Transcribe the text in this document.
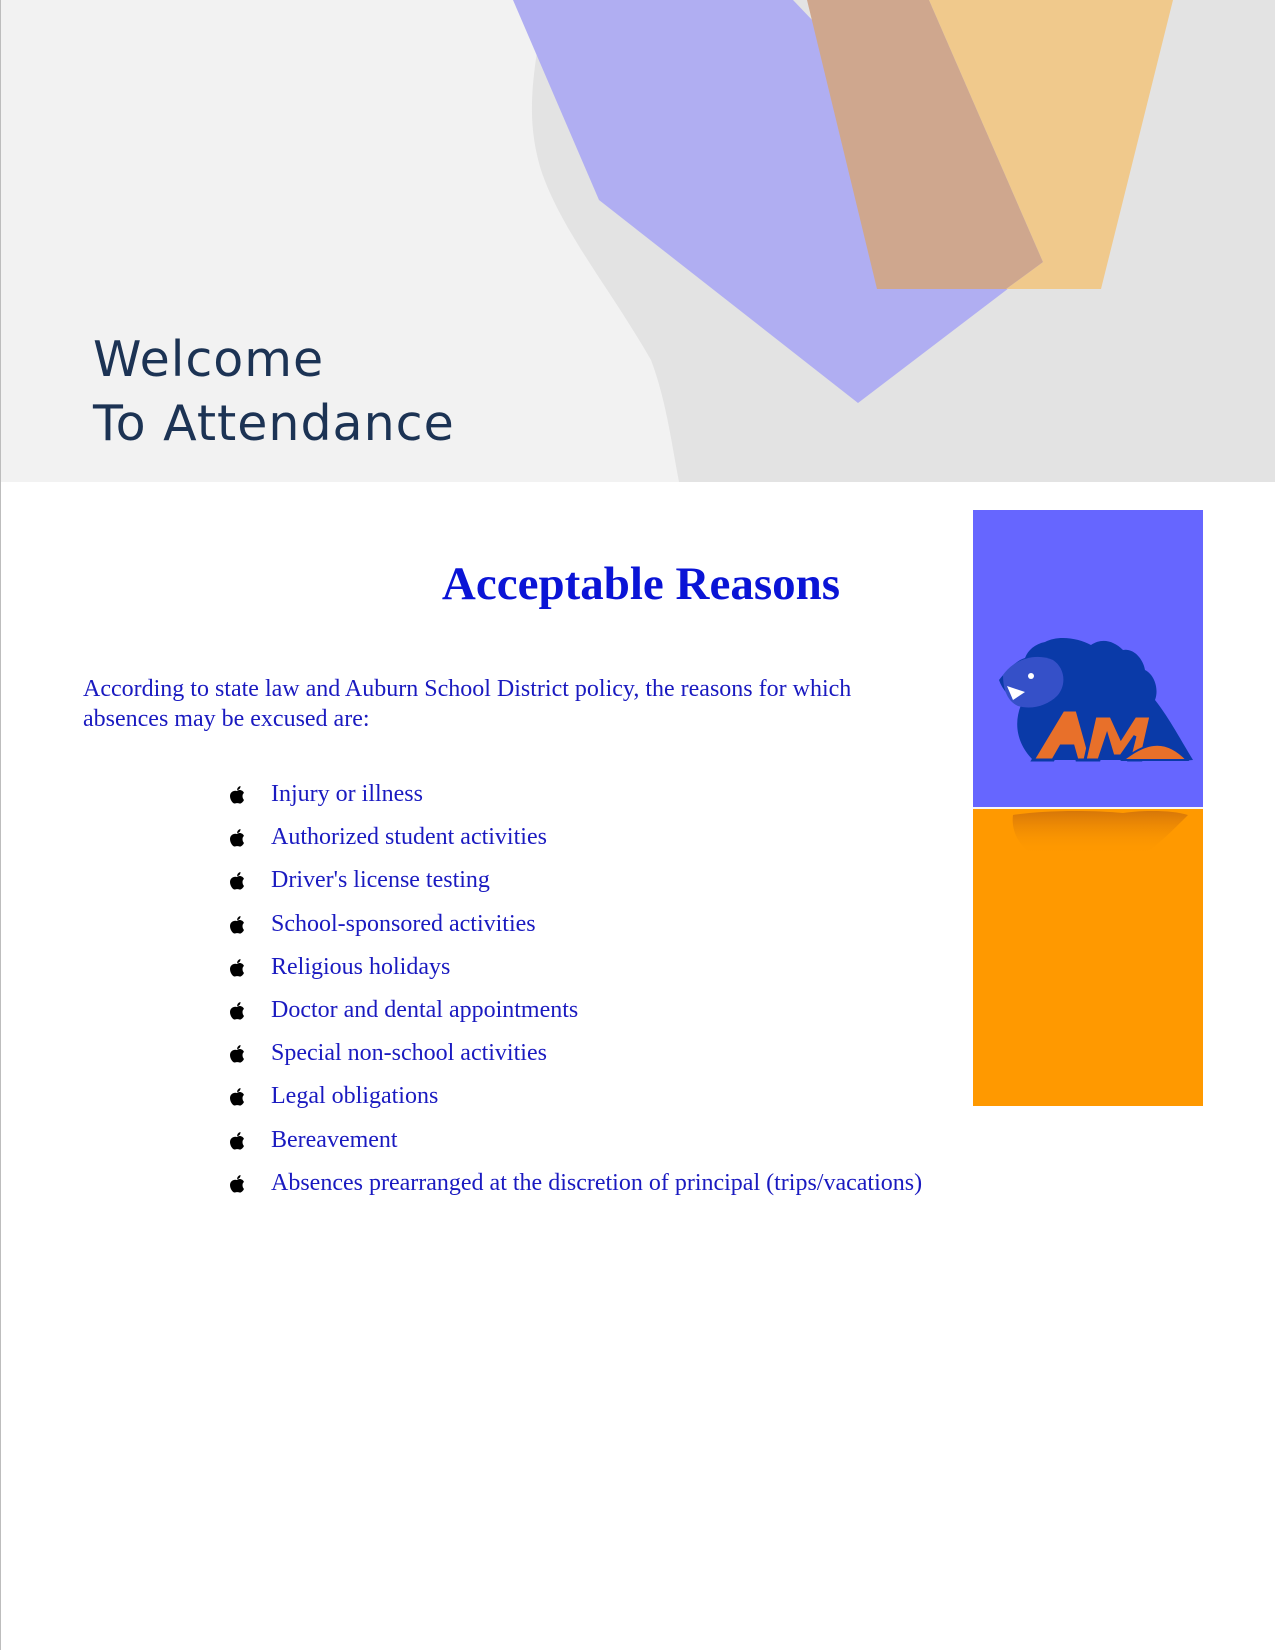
Welcome
To Attendance
Acceptable Reasons

According to state law and Auburn School District policy, the reasons for which absences may be excused are:

Injury or illness
Authorized student activities
Driver's license testing
School-sponsored activities
Religious holidays
Doctor and dental appointments
Special non-school activities
Legal obligations
Bereavement
Absences prearranged at the discretion of principal (trips/vacations)
